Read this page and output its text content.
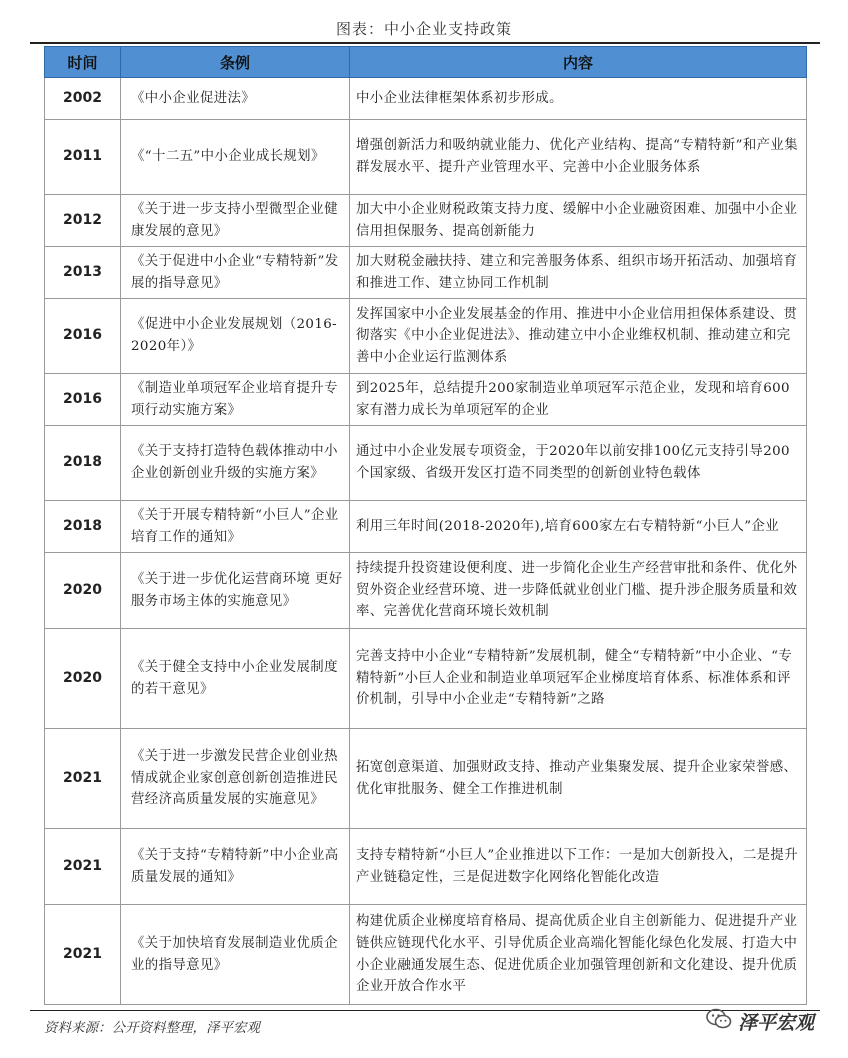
图表：中小企业支持政策
时间	条例	内容
2002	《中小企业促进法》	中小企业法律框架体系初步形成。
2011	《“十二五”中小企业成长规划》	增强创新活力和吸纳就业能力、优化产业结构、提高“专精特新”和产业集群发展水平、提升产业管理水平、完善中小企业服务体系
2012	《关于进一步支持小型微型企业健康发展的意见》	加大中小企业财税政策支持力度、缓解中小企业融资困难、加强中小企业信用担保服务、提高创新能力
2013	《关于促进中小企业“专精特新”发展的指导意见》	加大财税金融扶持、建立和完善服务体系、组织市场开拓活动、加强培育和推进工作、建立协同工作机制
2016	《促进中小企业发展规划（2016-2020年）》	发挥国家中小企业发展基金的作用、推进中小企业信用担保体系建设、贯彻落实《中小企业促进法》、推动建立中小企业维权机制、推动建立和完善中小企业运行监测体系
2016	《制造业单项冠军企业培育提升专项行动实施方案》	到2025年，总结提升200家制造业单项冠军示范企业，发现和培育600家有潜力成长为单项冠军的企业
2018	《关于支持打造特色载体推动中小企业创新创业升级的实施方案》	通过中小企业发展专项资金，于2020年以前安排100亿元支持引导200个国家级、省级开发区打造不同类型的创新创业特色载体
2018	《关于开展专精特新“小巨人”企业培育工作的通知》	利用三年时间(2018-2020年),培育600家左右专精特新“小巨人”企业
2020	《关于进一步优化运营商环境 更好服务市场主体的实施意见》	持续提升投资建设便利度、进一步简化企业生产经营审批和条件、优化外贸外资企业经营环境、进一步降低就业创业门槛、提升涉企服务质量和效率、完善优化营商环境长效机制
2020	《关于健全支持中小企业发展制度的若干意见》	完善支持中小企业“专精特新”发展机制，健全“专精特新”中小企业、“专精特新”小巨人企业和制造业单项冠军企业梯度培育体系、标准体系和评价机制，引导中小企业走“专精特新”之路
2021	《关于进一步激发民营企业创业热情成就企业家创意创新创造推进民营经济高质量发展的实施意见》	拓宽创意渠道、加强财政支持、推动产业集聚发展、提升企业家荣誉感、优化审批服务、健全工作推进机制
2021	《关于支持“专精特新”中小企业高质量发展的通知》	支持专精特新“小巨人”企业推进以下工作：一是加大创新投入，二是提升产业链稳定性，三是促进数字化网络化智能化改造
2021	《关于加快培育发展制造业优质企业的指导意见》	构建优质企业梯度培育格局、提高优质企业自主创新能力、促进提升产业链供应链现代化水平、引导优质企业高端化智能化绿色化发展、打造大中小企业融通发展生态、促进优质企业加强管理创新和文化建设、提升优质企业开放合作水平
资料来源：公开资料整理，泽平宏观	泽平宏观
